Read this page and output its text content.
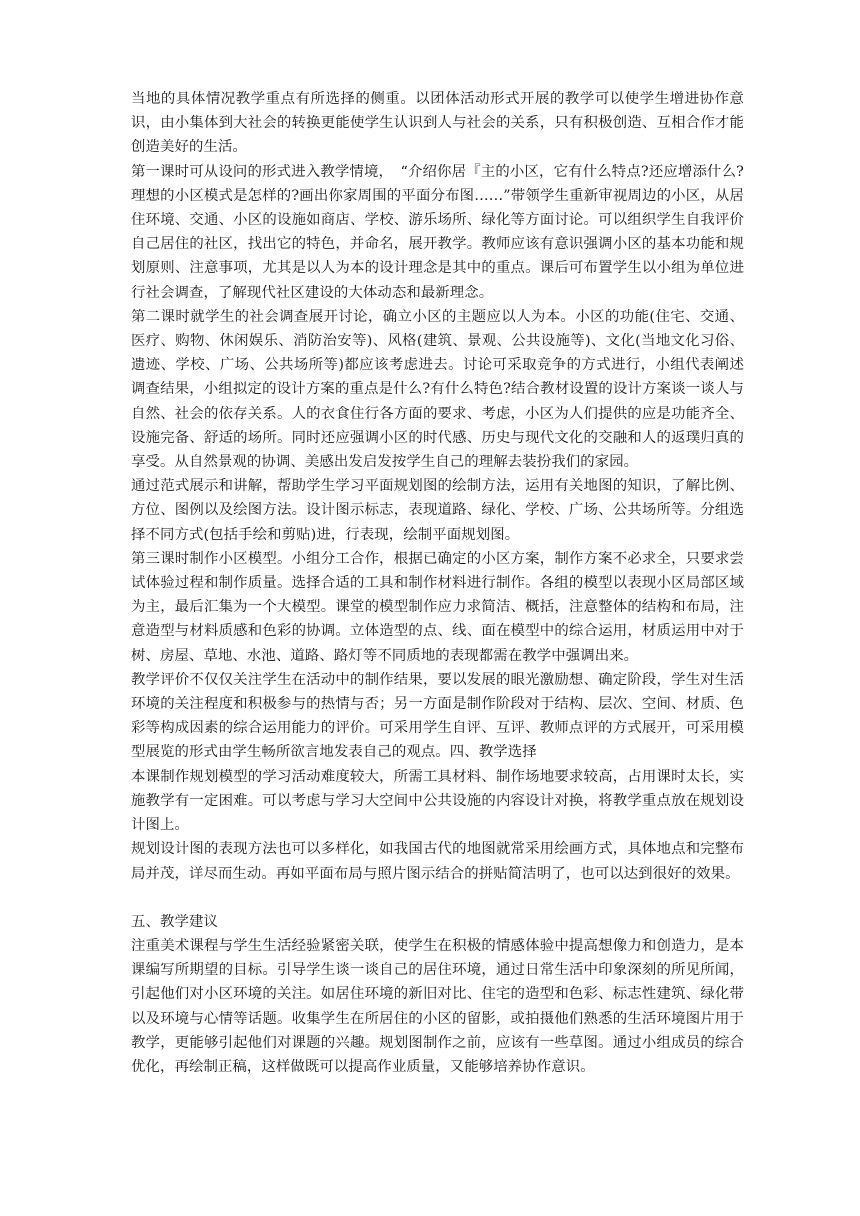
当地的具体情况教学重点有所选择的侧重。以团体活动形式开展的教学可以使学生增进协作意识，由小集体到大社会的转换更能使学生认识到人与社会的关系，只有积极创造、互相合作才能创造美好的生活。

第一课时可从设问的形式进入教学情境，　“介绍你居『主的小区，它有什么特点?还应增添什么?理想的小区模式是怎样的?画出你家周围的平面分布图……”带领学生重新审视周边的小区，从居住环境、交通、小区的设施如商店、学校、游乐场所、绿化等方面讨论。可以组织学生自我评价自己居住的社区，找出它的特色，并命名，展开教学。教师应该有意识强调小区的基本功能和规划原则、注意事项，尤其是以人为本的设计理念是其中的重点。课后可布置学生以小组为单位进行社会调查，了解现代社区建设的大体动态和最新理念。

第二课时就学生的社会调查展开讨论，确立小区的主题应以人为本。小区的功能(住宅、交通、医疗、购物、休闲娱乐、消防治安等)、风格(建筑、景观、公共设施等)、文化(当地文化习俗、遗迹、学校、广场、公共场所等)都应该考虑进去。讨论可采取竞争的方式进行，小组代表阐述调查结果，小组拟定的设计方案的重点是什么?有什么特色?结合教材设置的设计方案谈一谈人与自然、社会的依存关系。人的衣食住行各方面的要求、考虑，小区为人们提供的应是功能齐全、设施完备、舒适的场所。同时还应强调小区的时代感、历史与现代文化的交融和人的返璞归真的享受。从自然景观的协调、美感出发启发按学生自己的理解去装扮我们的家园。

通过范式展示和讲解，帮助学生学习平面规划图的绘制方法，运用有关地图的知识，了解比例、方位、图例以及绘图方法。设计图示标志，表现道路、绿化、学校、广场、公共场所等。分组选择不同方式(包括手绘和剪贴)进，行表现，绘制平面规划图。

第三课时制作小区模型。小组分工合作，根据已确定的小区方案，制作方案不必求全，只要求尝试体验过程和制作质量。选择合适的工具和制作材料进行制作。各组的模型以表现小区局部区域为主，最后汇集为一个大模型。课堂的模型制作应力求简洁、概括，注意整体的结构和布局，注意造型与材料质感和色彩的协调。立体造型的点、线、面在模型中的综合运用，材质运用中对于树、房屋、草地、水池、道路、路灯等不同质地的表现都需在教学中强调出来。

教学评价不仅仅关注学生在活动中的制作结果，要以发展的眼光激励想、确定阶段，学生对生活环境的关注程度和积极参与的热情与否；另一方面是制作阶段对于结构、层次、空间、材质、色彩等构成因素的综合运用能力的评价。可采用学生自评、互评、教师点评的方式展开，可采用模型展览的形式由学生畅所欲言地发表自己的观点。四、教学选择

本课制作规划模型的学习活动难度较大，所需工具材料、制作场地要求较高，占用课时太长，实施教学有一定困难。可以考虑与学习大空间中公共设施的内容设计对换，将教学重点放在规划设计图上。

规划设计图的表现方法也可以多样化，如我国古代的地图就常采用绘画方式，具体地点和完整布局并茂，详尽而生动。再如平面布局与照片图示结合的拼贴简洁明了，也可以达到很好的效果。

五、教学建议

注重美术课程与学生生活经验紧密关联，使学生在积极的情感体验中提高想像力和创造力，是本课编写所期望的目标。引导学生谈一谈自己的居住环境，通过日常生活中印象深刻的所见所闻，引起他们对小区环境的关注。如居住环境的新旧对比、住宅的造型和色彩、标志性建筑、绿化带以及环境与心情等话题。收集学生在所居住的小区的留影，或拍摄他们熟悉的生活环境图片用于教学，更能够引起他们对课题的兴趣。规划图制作之前，应该有一些草图。通过小组成员的综合优化，再绘制正稿，这样做既可以提高作业质量，又能够培养协作意识。
